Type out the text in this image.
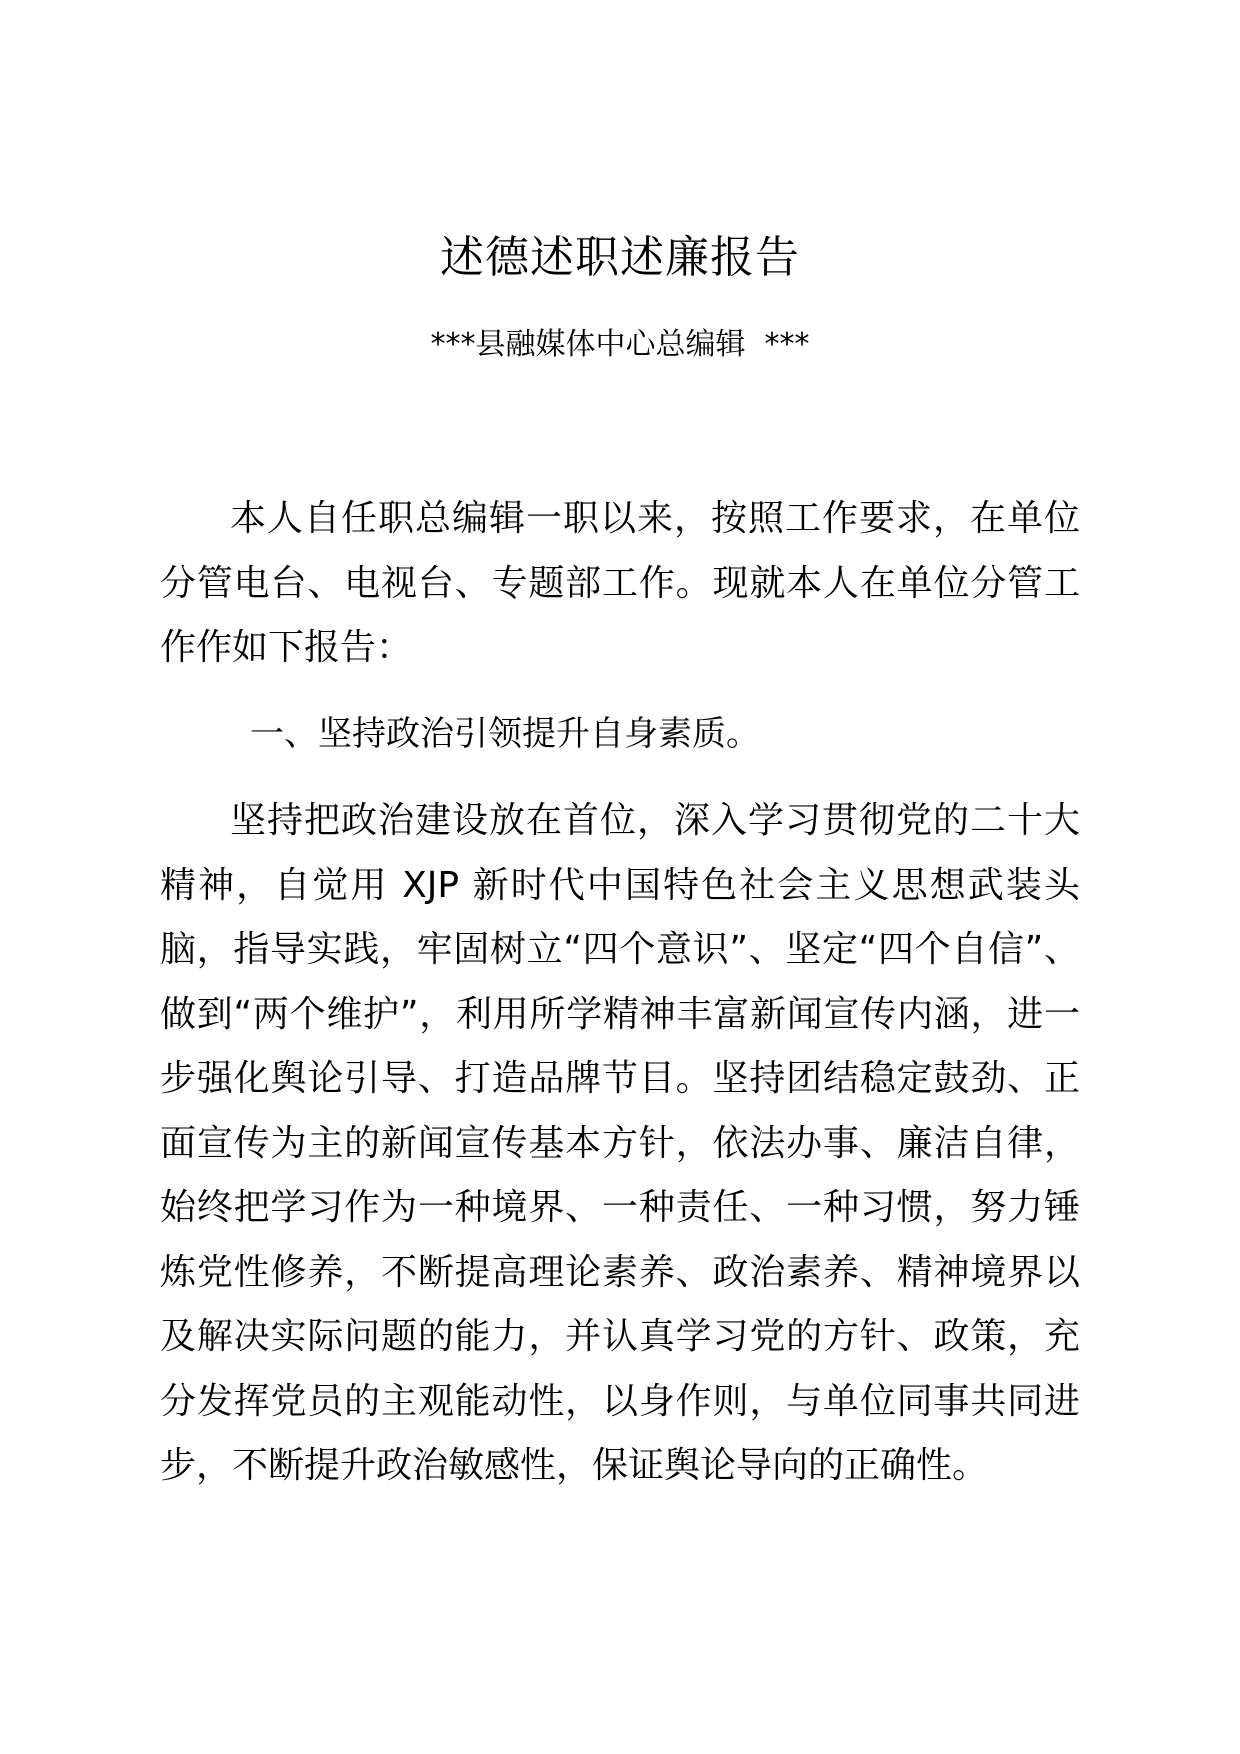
述德述职述廉报告
***县融媒体中心总编辑  ***
本人自任职总编辑一职以来，按照工作要求，在单位分管电台、电视台、专题部工作。现就本人在单位分管工作作如下报告：
一、坚持政治引领提升自身素质。
坚持把政治建设放在首位，深入学习贯彻党的二十大精神，自觉用 XJP 新时代中国特色社会主义思想武装头脑，指导实践，牢固树立“四个意识”、坚定“四个自信”、做到“两个维护”，利用所学精神丰富新闻宣传内涵，进一步强化舆论引导、打造品牌节目。坚持团结稳定鼓劲、正面宣传为主的新闻宣传基本方针，依法办事、廉洁自律，始终把学习作为一种境界、一种责任、一种习惯，努力锤炼党性修养，不断提高理论素养、政治素养、精神境界以及解决实际问题的能力，并认真学习党的方针、政策，充分发挥党员的主观能动性，以身作则，与单位同事共同进步，不断提升政治敏感性，保证舆论导向的正确性。
